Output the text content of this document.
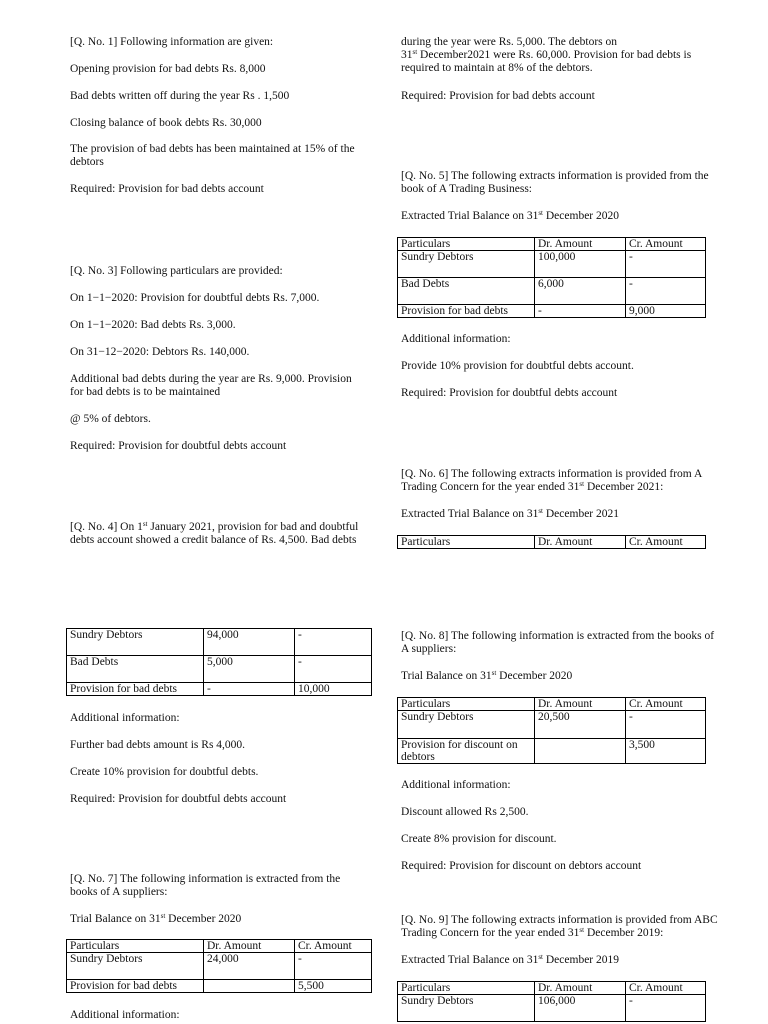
[Q. No. 1] Following information are given:

Opening provision for bad debts Rs. 8,000

Bad debts written off during the year Rs . 1,500

Closing balance of book debts Rs. 30,000

The provision of bad debts has been maintained at 15% of the debtors

Required: Provision for bad debts account

[Q. No. 3] Following particulars are provided:

On 1−1−2020: Provision for doubtful debts Rs. 7,000.

On 1−1−2020: Bad debts Rs. 3,000.

On 31−12−2020: Debtors Rs. 140,000.

Additional bad debts during the year are Rs. 9,000. Provision for bad debts is to be maintained

@ 5% of debtors.

Required: Provision for doubtful debts account

[Q. No. 4] On 1st January 2021, provision for bad and doubtful debts account showed a credit balance of Rs. 4,500. Bad debts

Sundry Debtors	94,000	-
Bad Debts	5,000	-
Provision for bad debts	-	10,000

Additional information:

Further bad debts amount is Rs 4,000.

Create 10% provision for doubtful debts.

Required: Provision for doubtful debts account

[Q. No. 7] The following information is extracted from the books of A suppliers:

Trial Balance on 31st December 2020

Particulars	Dr. Amount	Cr. Amount
Sundry Debtors	24,000	-
Provision for bad debts		5,500

Additional information:

during the year were Rs. 5,000. The debtors on
31st December2021 were Rs. 60,000. Provision for bad debts is required to maintain at 8% of the debtors.

Required: Provision for bad debts account

[Q. No. 5] The following extracts information is provided from the book of A Trading Business:

Extracted Trial Balance on 31st December 2020

Particulars	Dr. Amount	Cr. Amount
Sundry Debtors	100,000	-
Bad Debts	6,000	-
Provision for bad debts	-	9,000

Additional information:

Provide 10% provision for doubtful debts account.

Required: Provision for doubtful debts account

[Q. No. 6] The following extracts information is provided from A Trading Concern for the year ended 31st December 2021:

Extracted Trial Balance on 31st December 2021

Particulars	Dr. Amount	Cr. Amount

[Q. No. 8] The following information is extracted from the books of A suppliers:

Trial Balance on 31st December 2020

Particulars	Dr. Amount	Cr. Amount
Sundry Debtors	20,500	-
Provision for discount on debtors		3,500

Additional information:

Discount allowed Rs 2,500.

Create 8% provision for discount.

Required: Provision for discount on debtors account

[Q. No. 9] The following extracts information is provided from ABC Trading Concern for the year ended 31st December 2019:

Extracted Trial Balance on 31st December 2019

Particulars	Dr. Amount	Cr. Amount
Sundry Debtors	106,000	-
